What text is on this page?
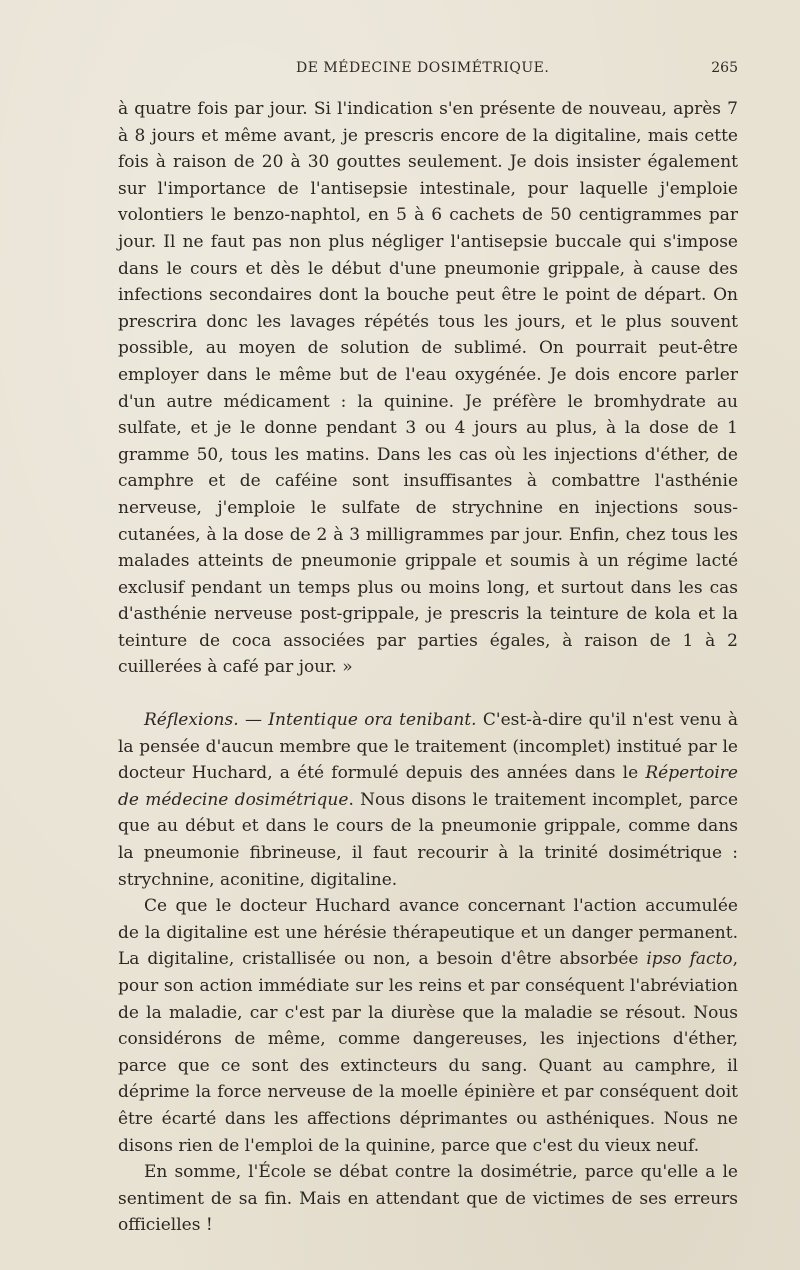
DE MÉDECINE DOSIMÉTRIQUE.	265

à quatre fois par jour. Si l'indication s'en présente de nouveau, après 7 à 8 jours et même avant, je prescris encore de la digitaline, mais cette fois à raison de 20 à 30 gouttes seulement. Je dois insister également sur l'importance de l'antisepsie intestinale, pour laquelle j'emploie volontiers le benzo-naphtol, en 5 à 6 cachets de 50 centigrammes par jour. Il ne faut pas non plus négliger l'antisepsie buccale qui s'impose dans le cours et dès le début d'une pneumonie grippale, à cause des infections secondaires dont la bouche peut être le point de départ. On prescrira donc les lavages répétés tous les jours, et le plus souvent possible, au moyen de solution de sublimé. On pourrait peut-être employer dans le même but de l'eau oxygénée. Je dois encore parler d'un autre médicament : la quinine. Je préfère le bromhydrate au sulfate, et je le donne pendant 3 ou 4 jours au plus, à la dose de 1 gramme 50, tous les matins. Dans les cas où les injections d'éther, de camphre et de caféine sont insuffisantes à combattre l'asthénie nerveuse, j'emploie le sulfate de strychnine en injections sous-cutanées, à la dose de 2 à 3 milligrammes par jour. Enfin, chez tous les malades atteints de pneumonie grippale et soumis à un régime lacté exclusif pendant un temps plus ou moins long, et surtout dans les cas d'asthénie nerveuse post-grippale, je prescris la teinture de kola et la teinture de coca associées par parties égales, à raison de 1 à 2 cuillerées à café par jour. »

Réflexions. — Intentique ora tenibant. C'est-à-dire qu'il n'est venu à la pensée d'aucun membre que le traitement (incomplet) institué par le docteur Huchard, a été formulé depuis des années dans le Répertoire de médecine dosimétrique. Nous disons le traitement incomplet, parce que au début et dans le cours de la pneumonie grippale, comme dans la pneumonie fibrineuse, il faut recourir à la trinité dosimétrique : strychnine, aconitine, digitaline.

Ce que le docteur Huchard avance concernant l'action accumulée de la digitaline est une hérésie thérapeutique et un danger permanent. La digitaline, cristallisée ou non, a besoin d'être absorbée ipso facto, pour son action immédiate sur les reins et par conséquent l'abréviation de la maladie, car c'est par la diurèse que la maladie se résout. Nous considérons de même, comme dangereuses, les injections d'éther, parce que ce sont des extincteurs du sang. Quant au camphre, il déprime la force nerveuse de la moelle épinière et par conséquent doit être écarté dans les affections déprimantes ou asthéniques. Nous ne disons rien de l'emploi de la quinine, parce que c'est du vieux neuf.

En somme, l'École se débat contre la dosimétrie, parce qu'elle a le sentiment de sa fin. Mais en attendant que de victimes de ses erreurs officielles !
